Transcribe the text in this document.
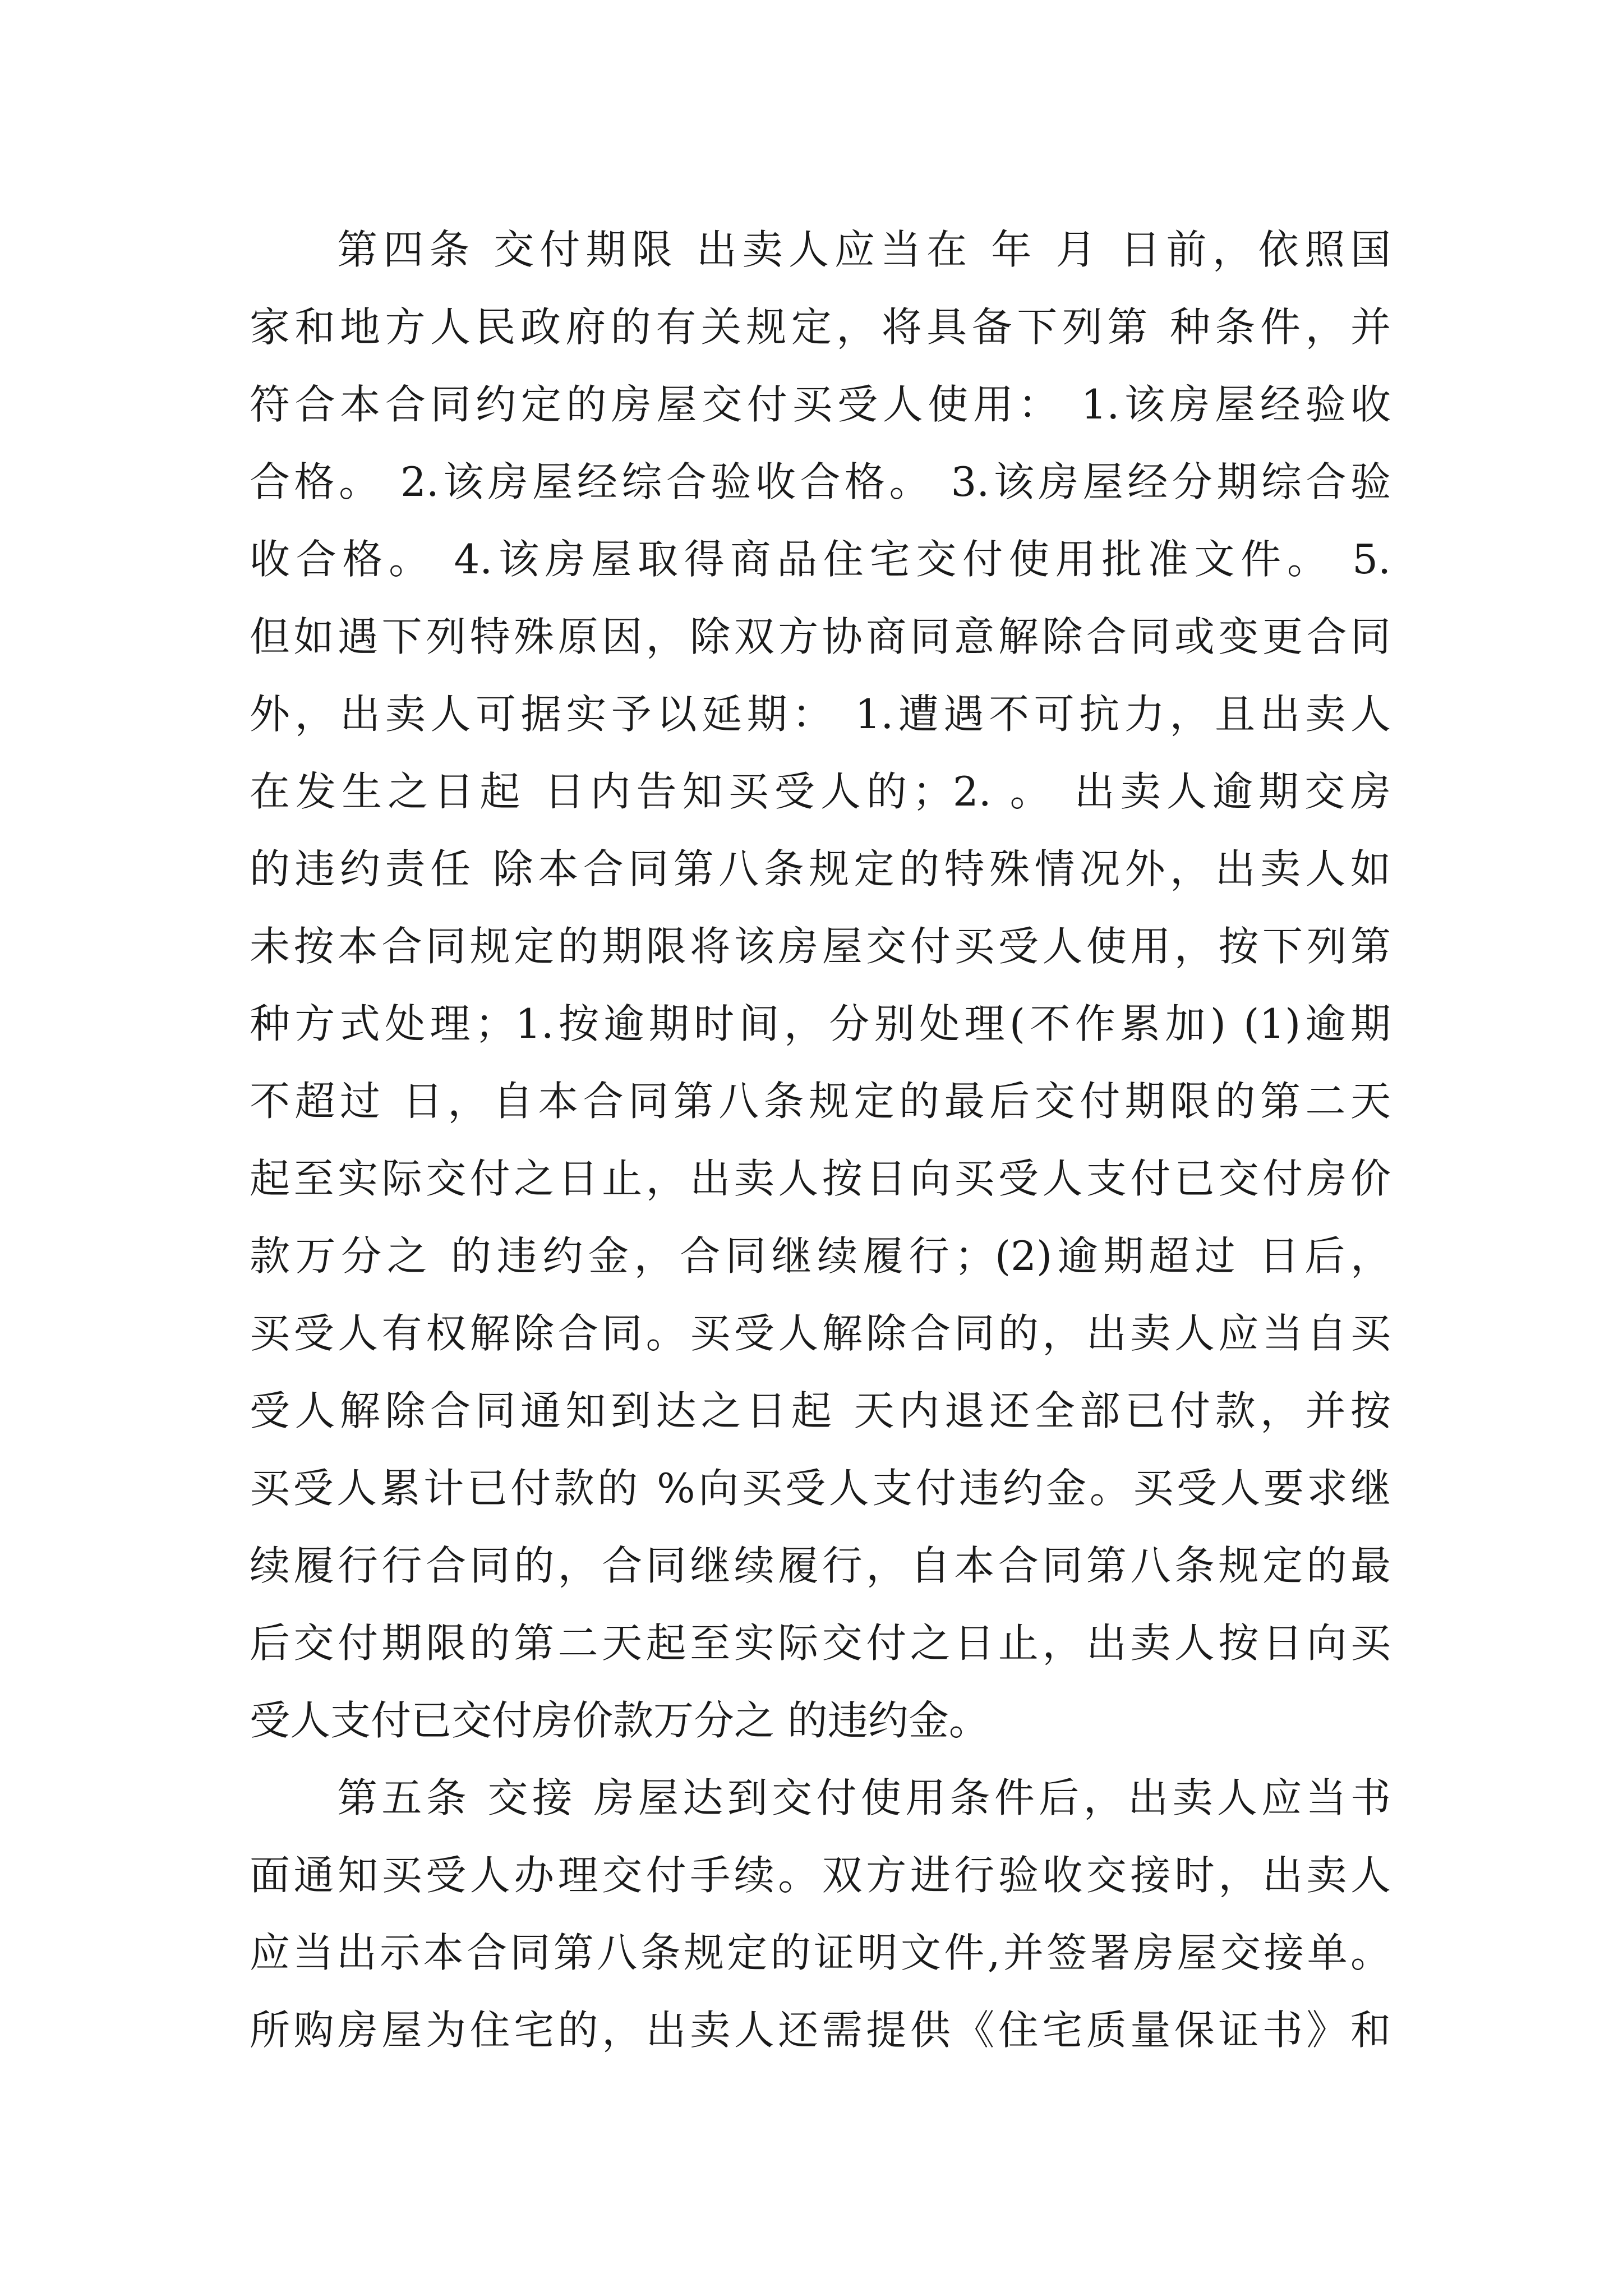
第四条 交付期限 出卖人应当在 年 月 日前，依照国
家和地方人民政府的有关规定，将具备下列第 种条件，并
符合本合同约定的房屋交付买受人使用： 1.该房屋经验收
合格。 2.该房屋经综合验收合格。 3.该房屋经分期综合验
收合格。 4.该房屋取得商品住宅交付使用批准文件。 5.
但如遇下列特殊原因，除双方协商同意解除合同或变更合同
外，出卖人可据实予以延期： 1.遭遇不可抗力，且出卖人
在发生之日起 日内告知买受人的；2. 。 出卖人逾期交房
的违约责任 除本合同第八条规定的特殊情况外，出卖人如
未按本合同规定的期限将该房屋交付买受人使用，按下列第
种方式处理；1.按逾期时间，分别处理(不作累加) (1)逾期
不超过 日，自本合同第八条规定的最后交付期限的第二天
起至实际交付之日止，出卖人按日向买受人支付已交付房价
款万分之 的违约金，合同继续履行；(2)逾期超过 日后，
买受人有权解除合同。买受人解除合同的，出卖人应当自买
受人解除合同通知到达之日起 天内退还全部已付款，并按
买受人累计已付款的 %向买受人支付违约金。买受人要求继
续履行行合同的，合同继续履行，自本合同第八条规定的最
后交付期限的第二天起至实际交付之日止，出卖人按日向买
受人支付已交付房价款万分之 的违约金。
第五条 交接 房屋达到交付使用条件后，出卖人应当书
面通知买受人办理交付手续。双方进行验收交接时，出卖人
应当出示本合同第八条规定的证明文件,并签署房屋交接单。
所购房屋为住宅的，出卖人还需提供《住宅质量保证书》和
